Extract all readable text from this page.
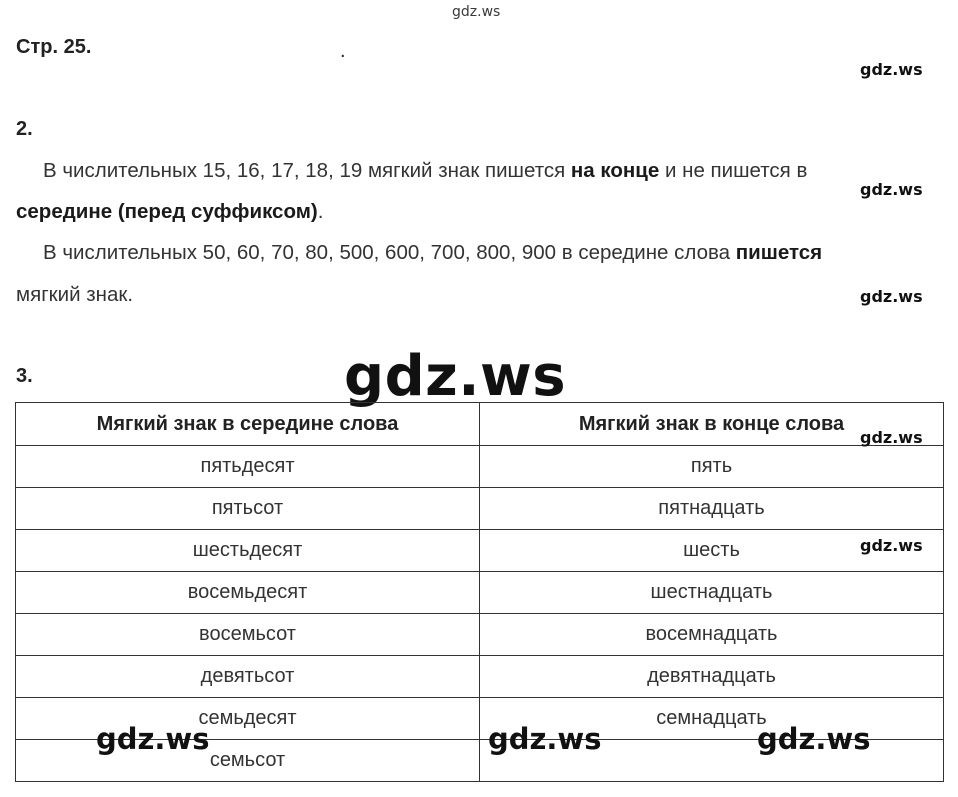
gdz.ws
Стр. 25.	.
gdz.ws
2.
В числительных 15, 16, 17, 18, 19 мягкий знак пишется на конце и не пишется в
gdz.ws
середине (перед суффиксом).
В числительных 50, 60, 70, 80, 500, 600, 700, 800, 900 в середине слова пишется
мягкий знак.	gdz.ws
3.	gdz.ws
Мягкий знак в середине слова	Мягкий знак в конце слова
пятьдесят	пять
пятьсот	пятнадцать
шестьдесят	шесть
восемьдесят	шестнадцать
восемьсот	восемнадцать
девятьсот	девятнадцать
семьдесят	семнадцать
семьсот	
gdz.ws
gdz.ws
gdz.ws	gdz.ws	gdz.ws
